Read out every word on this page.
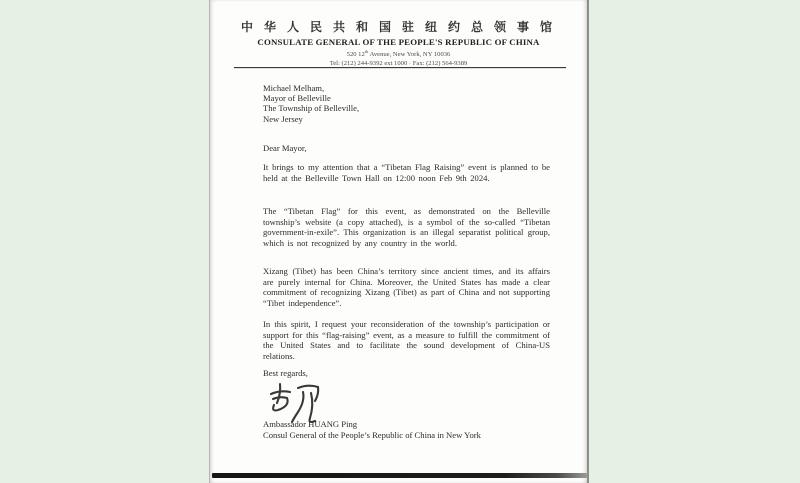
中 华 人 民 共 和 国 驻 纽 约 总 领 事 馆
CONSULATE GENERAL OF THE PEOPLE'S REPUBLIC OF CHINA
520 12th Avenue, New York, NY 10036
Tel: (212) 244-9392 ext 1000 · Fax: (212) 564-9389
Michael Melham,
Mayor of Belleville
The Township of Belleville,
New Jersey
Dear Mayor,

It brings to my attention that a “Tibetan Flag Raising” event is planned to be held at the Belleville Town Hall on 12:00 noon Feb 9th 2024.

The “Tibetan Flag” for this event, as demonstrated on the Belleville township’s website (a copy attached), is a symbol of the so-called “Tibetan government-in-exile”. This organization is an illegal separatist political group, which is not recognized by any country in the world.

Xizang (Tibet) has been China’s territory since ancient times, and its affairs are purely internal for China. Moreover, the United States has made a clear commitment of recognizing Xizang (Tibet) as part of China and not supporting “Tibet independence”.

In this spirit, I request your reconsideration of the township’s participation or support for this “flag-raising” event, as a measure to fulfill the commitment of the United States and to facilitate the sound development of China-US relations.

Best regards,
Ambassador HUANG Ping
Consul General of the People’s Republic of China in New York
